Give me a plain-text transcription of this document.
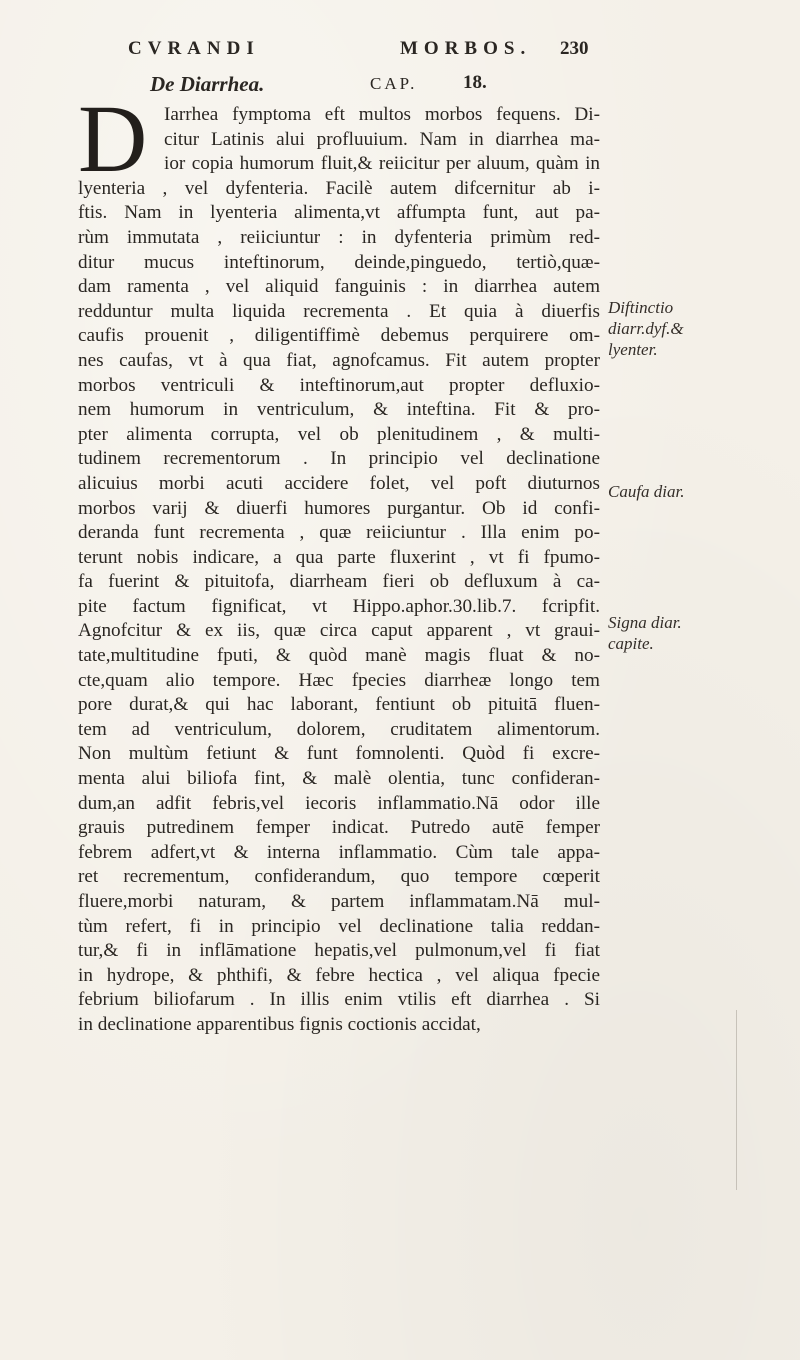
CVRANDI	MORBOS. 230
De Diarrhea.	CAP. 18.
D Iarrhea fymptoma eft multos morbos fequens. Di-
citur Latinis alui profluuium. Nam in diarrhea ma-
ior copia humorum fluit,& reiicitur per aluum, quàm in
lyenteria , vel dyfenteria. Facilè autem difcernitur ab i-
ftis. Nam in lyenteria alimenta,vt affumpta funt, aut pa-
rùm immutata , reiiciuntur : in dyfenteria primùm red-
ditur mucus inteftinorum, deinde,pinguedo, tertiò,quæ-
dam ramenta , vel aliquid fanguinis : in diarrhea autem
redduntur multa liquida recrementa . Et quia à diuerfis
caufis prouenit , diligentiffimè debemus perquirere om-
nes caufas, vt à qua fiat, agnofcamus. Fit autem propter
morbos ventriculi & inteftinorum,aut propter defluxio-
nem humorum in ventriculum, & inteftina. Fit & pro-
pter alimenta corrupta, vel ob plenitudinem , & multi-
tudinem recrementorum . In principio vel declinatione
alicuius morbi acuti accidere folet, vel poft diuturnos
morbos varij & diuerfi humores purgantur. Ob id confi-
deranda funt recrementa , quæ reiiciuntur . Illa enim po-
terunt nobis indicare, a qua parte fluxerint , vt fi fpumo-
fa fuerint & pituitofa, diarrheam fieri ob defluxum à ca-
pite factum fignificat, vt Hippo.aphor.30.lib.7. fcripfit.
Agnofcitur & ex iis, quæ circa caput apparent , vt graui-
tate,multitudine fputi, & quòd manè magis fluat & no-
cte,quam alio tempore. Hæc fpecies diarrheæ longo tem
pore durat,& qui hac laborant, fentiunt ob pituitā fluen-
tem ad ventriculum, dolorem, cruditatem alimentorum.
Non multùm fetiunt & funt fomnolenti. Quòd fi excre-
menta alui biliofa fint, & malè olentia, tunc confideran-
dum,an adfit febris,vel iecoris inflammatio.Nā odor ille
grauis putredinem femper indicat. Putredo autē femper
febrem adfert,vt & interna inflammatio. Cùm tale appa-
ret recrementum, confiderandum, quo tempore cœperit
fluere,morbi naturam, & partem inflammatam.Nā mul-
tùm refert, fi in principio vel declinatione talia reddan-
tur,& fi in inflāmatione hepatis,vel pulmonum,vel fi fiat
in hydrope, & phthifi, & febre hectica , vel aliqua fpecie
febrium biliofarum . In illis enim vtilis eft diarrhea . Si
in declinatione apparentibus fignis coctionis accidat,
Diftinctio
diarr.dyf.&
lyenter.
Caufa diar.
Signa diar.
capite.
